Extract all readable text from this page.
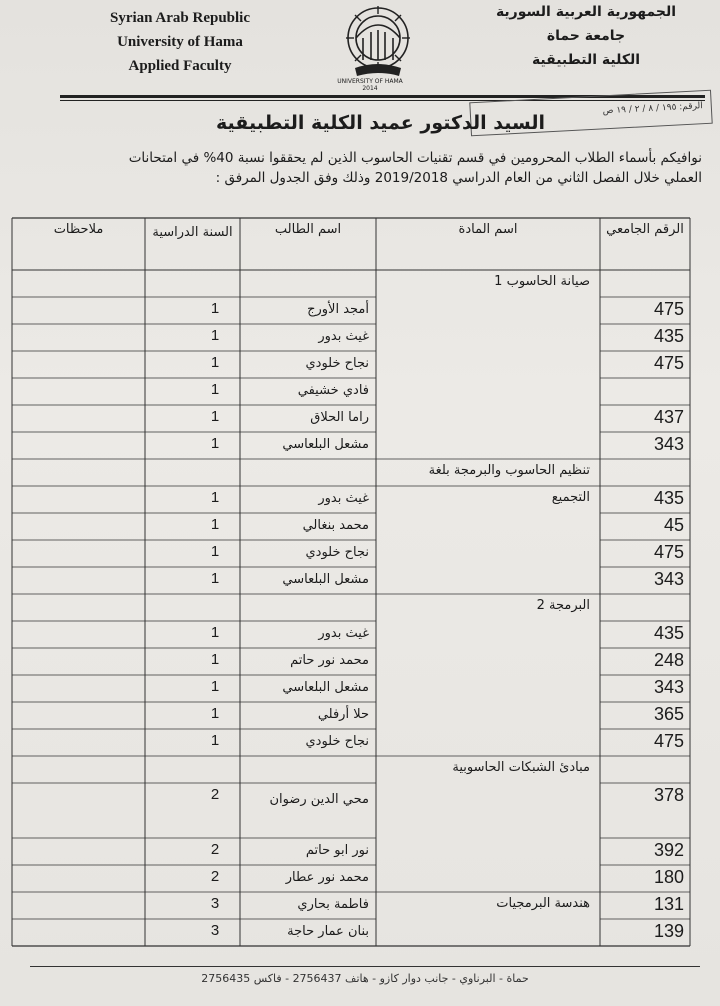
Syrian Arab Republic
University of Hama
Applied Faculty
UNIVERSITY OF HAMA 2014
الجمهورية العربية السورية
جامعة حماة
الكلية التطبيقية
الرقم: ١٩٥ / ٨ / ٢ / ١٩ ص
السيد الدكتور عميد الكلية التطبيقية
نوافيكم بأسماء الطلاب المحرومين في قسم تقنيات الحاسوب الذين لم يحققوا نسبة 40% في امتحانات
العملي خلال الفصل الثاني من العام الدراسي 2019/2018 وذلك وفق الجدول المرفق :
الرقم الجامعي
اسم المادة
اسم الطالب
السنة الدراسية
ملاحظات
صيانة الحاسوب 1
475
أمجد الأورج
1
435
غيث بدور
1
475
نجاح خلودي
1
فادي خشيفي
1
437
راما الحلاق
1
343
مشعل البلعاسي
1
تنظيم الحاسوب والبرمجة بلغة
435
التجميع
غيث بدور
1
45
محمد بنغالي
1
475
نجاح خلودي
1
343
مشعل البلعاسي
1
البرمجة 2
435
غيث بدور
1
248
محمد نور حاتم
1
343
مشعل البلعاسي
1
365
حلا أرفلي
1
475
نجاح خلودي
1
مبادئ الشبكات الحاسوبية
378
محي الدين رضوان
2
392
نور ابو حاتم
2
180
محمد نور عطار
2
131
هندسة البرمجيات
فاطمة بحاري
3
139
بنان عمار حاجة
3
حماة - البرناوي - جانب دوار كازو - هاتف 2756437 - فاكس 2756435
